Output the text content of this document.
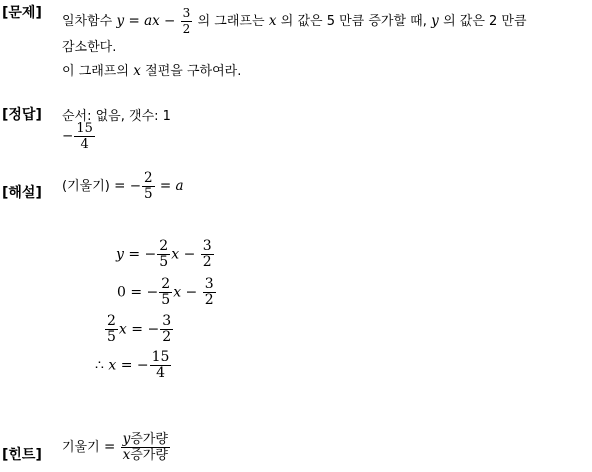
[문제]
일차함수 y = ax − $\frac{3}{2}$ 의 그래프는 x 의 값은 5 만큼 증가할 때, y 의 값은 2 만큼
감소한다.
이 그래프의 x 절편을 구하여라.
[정답] 순서: 없음, 갯수: 1
− $\frac{15}{4}$
[해설] (기울기) = − $\frac{2}{5} = a$
y = − $\frac{2}{5}$ $x - \frac{3}{2}$
0 = − $\frac{2}{5}$ $x - \frac{3}{2}$
$\frac{2}{5}$ x = − $\frac{3}{2}$
∴ x = − $\frac{15}{4}$
[힌트] 기울기 = $\frac{\text{y증가량}}{\text{x증가량}}$
